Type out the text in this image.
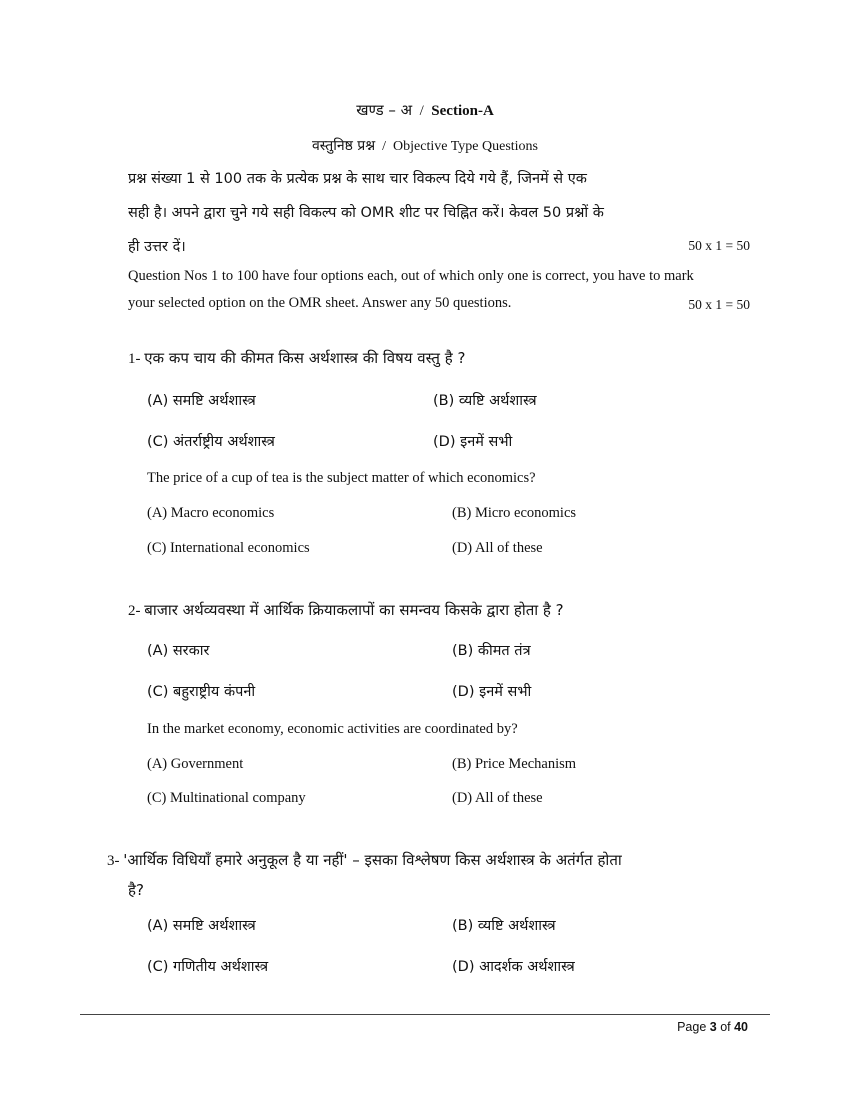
खण्ड – अ / Section-A
वस्तुनिष्ठ प्रश्न / Objective Type Questions
प्रश्न संख्या 1 से 100 तक के प्रत्येक प्रश्न के साथ चार विकल्प दिये गये हैं, जिनमें से एक
सही है। अपने द्वारा चुने गये सही विकल्प को OMR शीट पर चिह्नित करें। केवल 50 प्रश्नों के
ही उत्तर दें।	50 x 1 = 50
Question Nos 1 to 100 have four options each, out of which only one is correct, you have to mark
your selected option on the OMR sheet. Answer any 50 questions.	50 x 1 = 50
1- एक कप चाय की कीमत किस अर्थशास्त्र की विषय वस्तु है ?
(A) समष्टि अर्थशास्त्र	(B) व्यष्टि अर्थशास्त्र
(C) अंतर्राष्ट्रीय अर्थशास्त्र	(D) इनमें सभी
The price of a cup of tea is the subject matter of which economics?
(A) Macro economics	(B) Micro economics
(C) International economics	(D) All of these
2- बाजार अर्थव्यवस्था में आर्थिक क्रियाकलापों का समन्वय किसके द्वारा होता है ?
(A) सरकार	(B) कीमत तंत्र
(C) बहुराष्ट्रीय कंपनी	(D) इनमें सभी
In the market economy, economic activities are coordinated by?
(A) Government	(B) Price Mechanism
(C) Multinational company	(D) All of these
3- 'आर्थिक विधियाँ हमारे अनुकूल है या नहीं' – इसका विश्लेषण किस अर्थशास्त्र के अतंर्गत होता
है?
(A) समष्टि अर्थशास्त्र	(B) व्यष्टि अर्थशास्त्र
(C) गणितीय अर्थशास्त्र	(D) आदर्शक अर्थशास्त्र
Page 3 of 40
